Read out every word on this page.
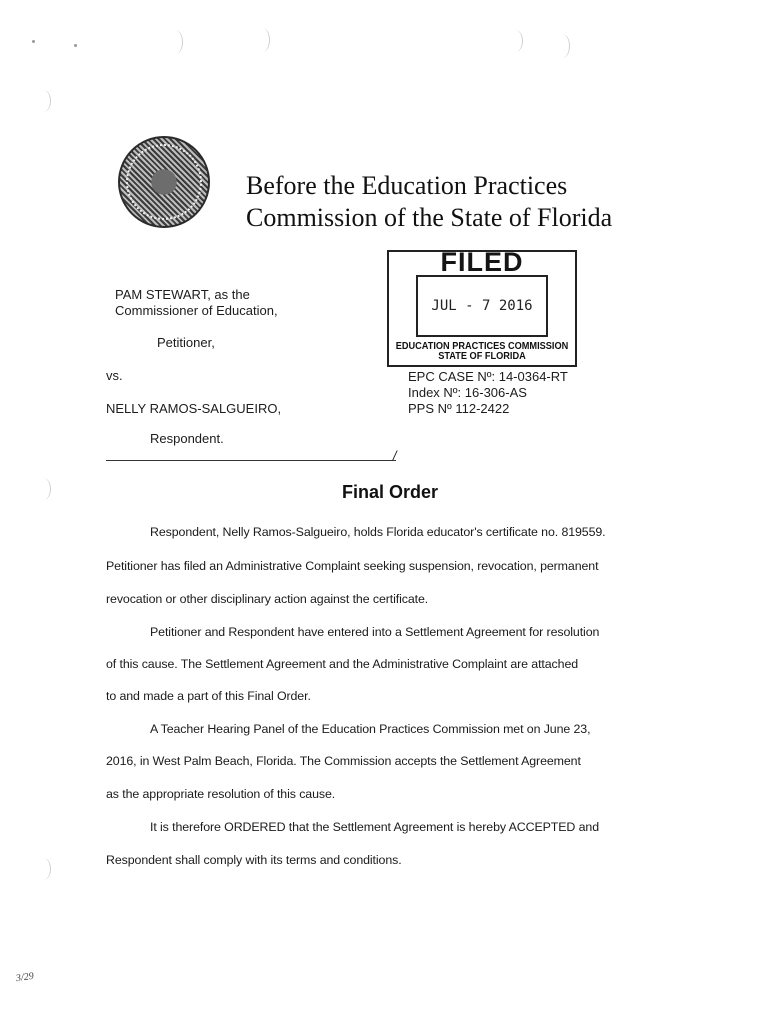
Before the Education Practices
Commission of the State of Florida
PAM STEWART, as the
Commissioner of Education,
Petitioner,
vs.
NELLY RAMOS-SALGUEIRO,
Respondent.
FILED
JUL - 7 2016
EDUCATION PRACTICES COMMISSION
STATE OF FLORIDA
EPC CASE Nº: 14-0364-RT
Index Nº: 16-306-AS
PPS Nº 112-2422
/
Final Order
Respondent, Nelly Ramos-Salgueiro, holds Florida educator's certificate no. 819559.
Petitioner has filed an Administrative Complaint seeking suspension, revocation, permanent
revocation or other disciplinary action against the certificate.
Petitioner and Respondent have entered into a Settlement Agreement for resolution
of this cause. The Settlement Agreement and the Administrative Complaint are attached
to and made a part of this Final Order.
A Teacher Hearing Panel of the Education Practices Commission met on June 23,
2016, in West Palm Beach, Florida. The Commission accepts the Settlement Agreement
as the appropriate resolution of this cause.
It is therefore ORDERED that the Settlement Agreement is hereby ACCEPTED and
Respondent shall comply with its terms and conditions.
3/29
